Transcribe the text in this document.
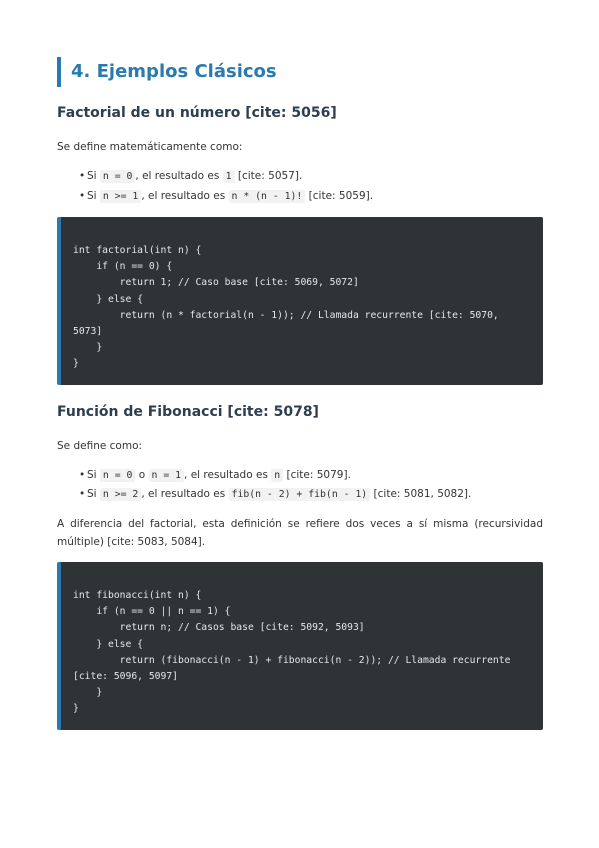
4. Ejemplos Clásicos
Factorial de un número [cite: 5056]
Se define matemáticamente como:
• Si n = 0 , el resultado es 1 [cite: 5057].
• Si n >= 1 , el resultado es n * (n - 1)! [cite: 5059].
int factorial(int n) {
if (n == 0) {
return 1; // Caso base [cite: 5069, 5072]
} else {
return (n * factorial(n - 1)); // Llamada recurrente [cite: 5070,
5073]
}
}
Función de Fibonacci [cite: 5078]
Se define como:
• Si n = 0 o n = 1 , el resultado es n [cite: 5079].
• Si n >= 2 , el resultado es fib(n - 2) + fib(n - 1) [cite: 5081, 5082].
A diferencia del factorial, esta definición se refiere dos veces a sí misma (recursividad múltiple) [cite: 5083, 5084].
int fibonacci(int n) {
if (n == 0 || n == 1) {
return n; // Casos base [cite: 5092, 5093]
} else {
return (fibonacci(n - 1) + fibonacci(n - 2)); // Llamada recurrente
[cite: 5096, 5097]
}
}
